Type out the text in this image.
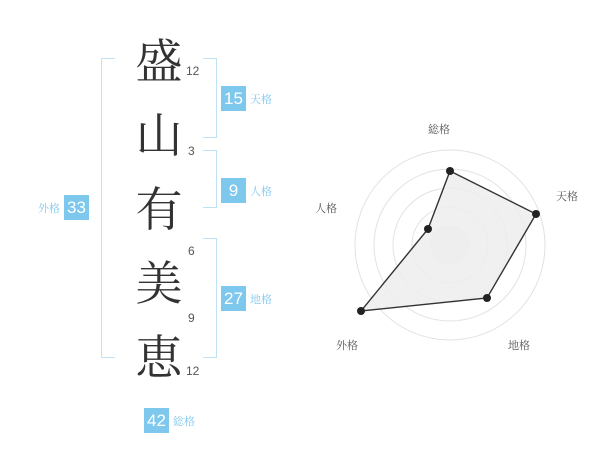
外格 33
盛
山
有
美
恵
12
3
6
9
12
15 天格
9	人格
27 地格
42 総格
総格
天格
地格
外格
人格
